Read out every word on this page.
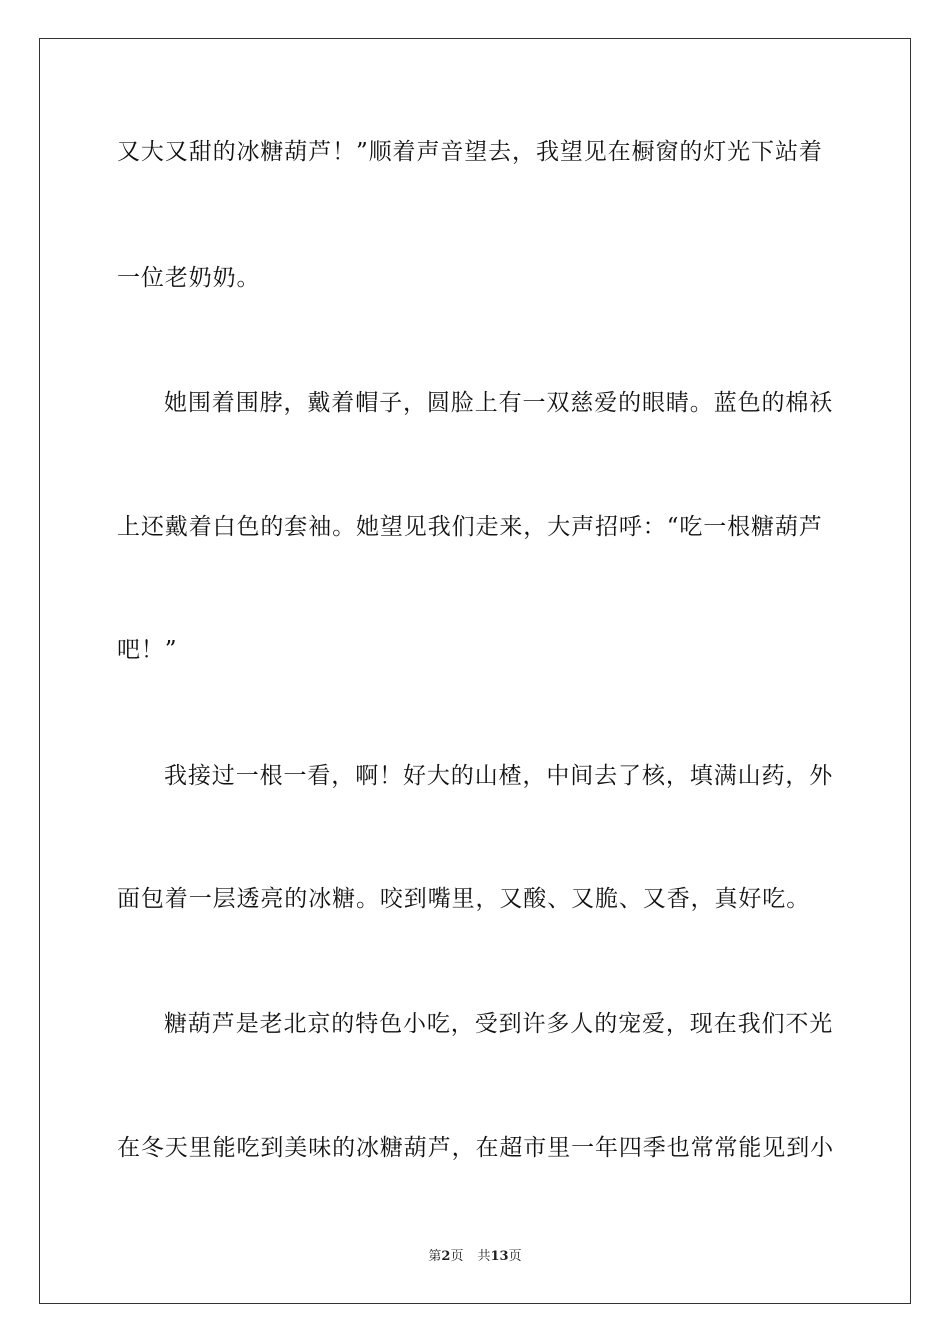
又大又甜的冰糖葫芦！”顺着声音望去，我望见在橱窗的灯光下站着
一位老奶奶。
她围着围脖，戴着帽子，圆脸上有一双慈爱的眼睛。蓝色的棉袄
上还戴着白色的套袖。她望见我们走来，大声招呼：“吃一根糖葫芦
吧！”
我接过一根一看，啊！好大的山楂，中间去了核，填满山药，外
面包着一层透亮的冰糖。咬到嘴里，又酸、又脆、又香，真好吃。
糖葫芦是老北京的特色小吃，受到许多人的宠爱，现在我们不光
在冬天里能吃到美味的冰糖葫芦，在超市里一年四季也常常能见到小
第2页 共13页
